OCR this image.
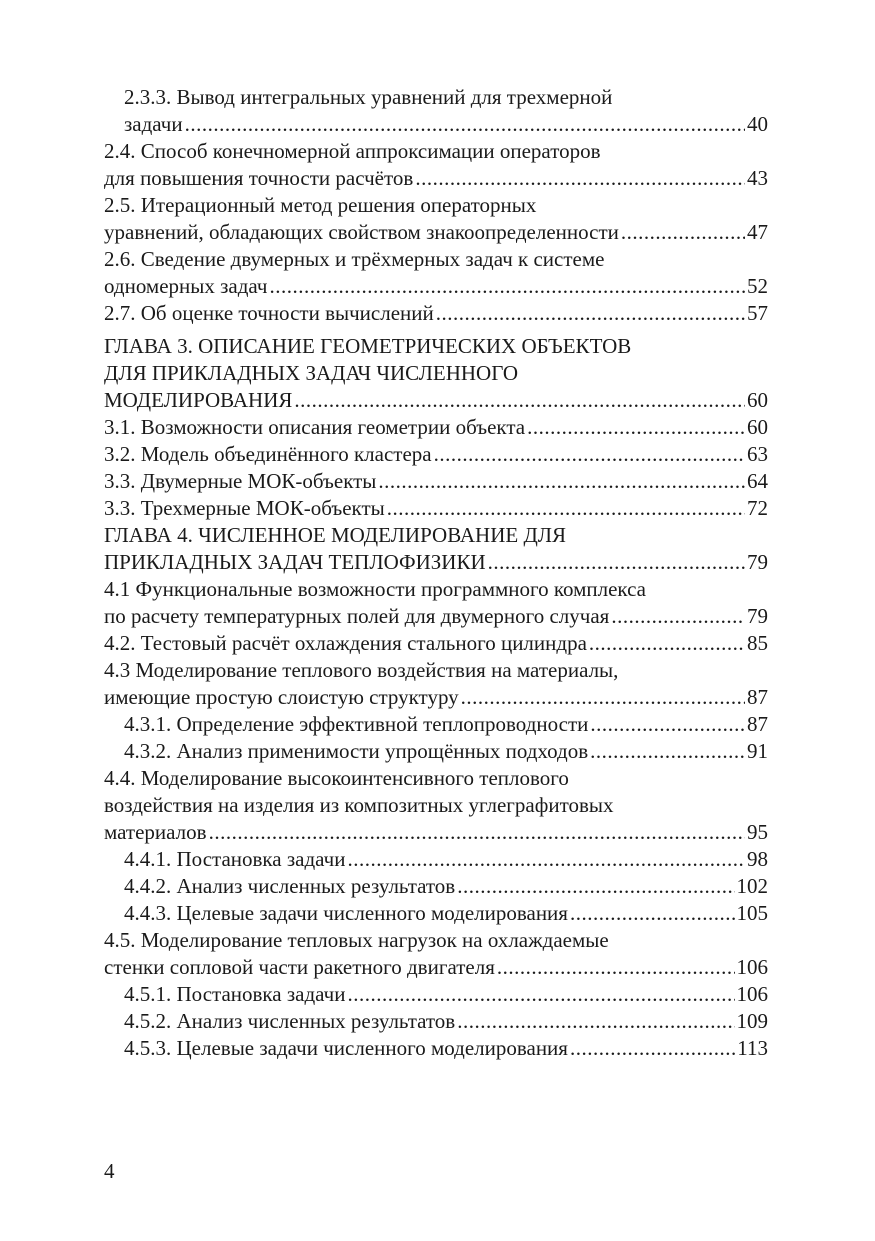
2.3.3. Вывод интегральных уравнений для трехмерной
задачи .....	40
2.4. Способ конечномерной аппроксимации операторов
для повышения точности расчётов .....	43
2.5. Итерационный метод решения операторных
уравнений, обладающих свойством знакоопределенности .....	47
2.6. Сведение двумерных и трёхмерных задач к системе
одномерных задач .....	52
2.7. Об оценке точности вычислений .....	57
ГЛАВА 3. ОПИСАНИЕ ГЕОМЕТРИЧЕСКИХ ОБЪЕКТОВ
ДЛЯ ПРИКЛАДНЫХ ЗАДАЧ ЧИСЛЕННОГО
МОДЕЛИРОВАНИЯ .....	60
3.1. Возможности описания геометрии объекта .....	60
3.2. Модель объединённого кластера .....	63
3.3. Двумерные МОК-объекты .....	64
3.3. Трехмерные МОК-объекты .....	72
ГЛАВА 4. ЧИСЛЕННОЕ МОДЕЛИРОВАНИЕ ДЛЯ
ПРИКЛАДНЫХ ЗАДАЧ ТЕПЛОФИЗИКИ .....	79
4.1 Функциональные возможности программного комплекса
по расчету температурных полей для двумерного случая .....	79
4.2. Тестовый расчёт охлаждения стального цилиндра .....	85
4.3 Моделирование теплового воздействия на материалы,
имеющие простую слоистую структуру .....	87
4.3.1. Определение эффективной теплопроводности .....	87
4.3.2. Анализ применимости упрощённых подходов .....	91
4.4. Моделирование высокоинтенсивного теплового
воздействия на изделия из композитных углеграфитовых
материалов .....	95
4.4.1. Постановка задачи .....	98
4.4.2. Анализ численных результатов .....	102
4.4.3. Целевые задачи численного моделирования .....	105
4.5. Моделирование тепловых нагрузок на охлаждаемые
стенки сопловой части ракетного двигателя .....	106
4.5.1. Постановка задачи .....	106
4.5.2. Анализ численных результатов .....	109
4.5.3. Целевые задачи численного моделирования .....	113
4
